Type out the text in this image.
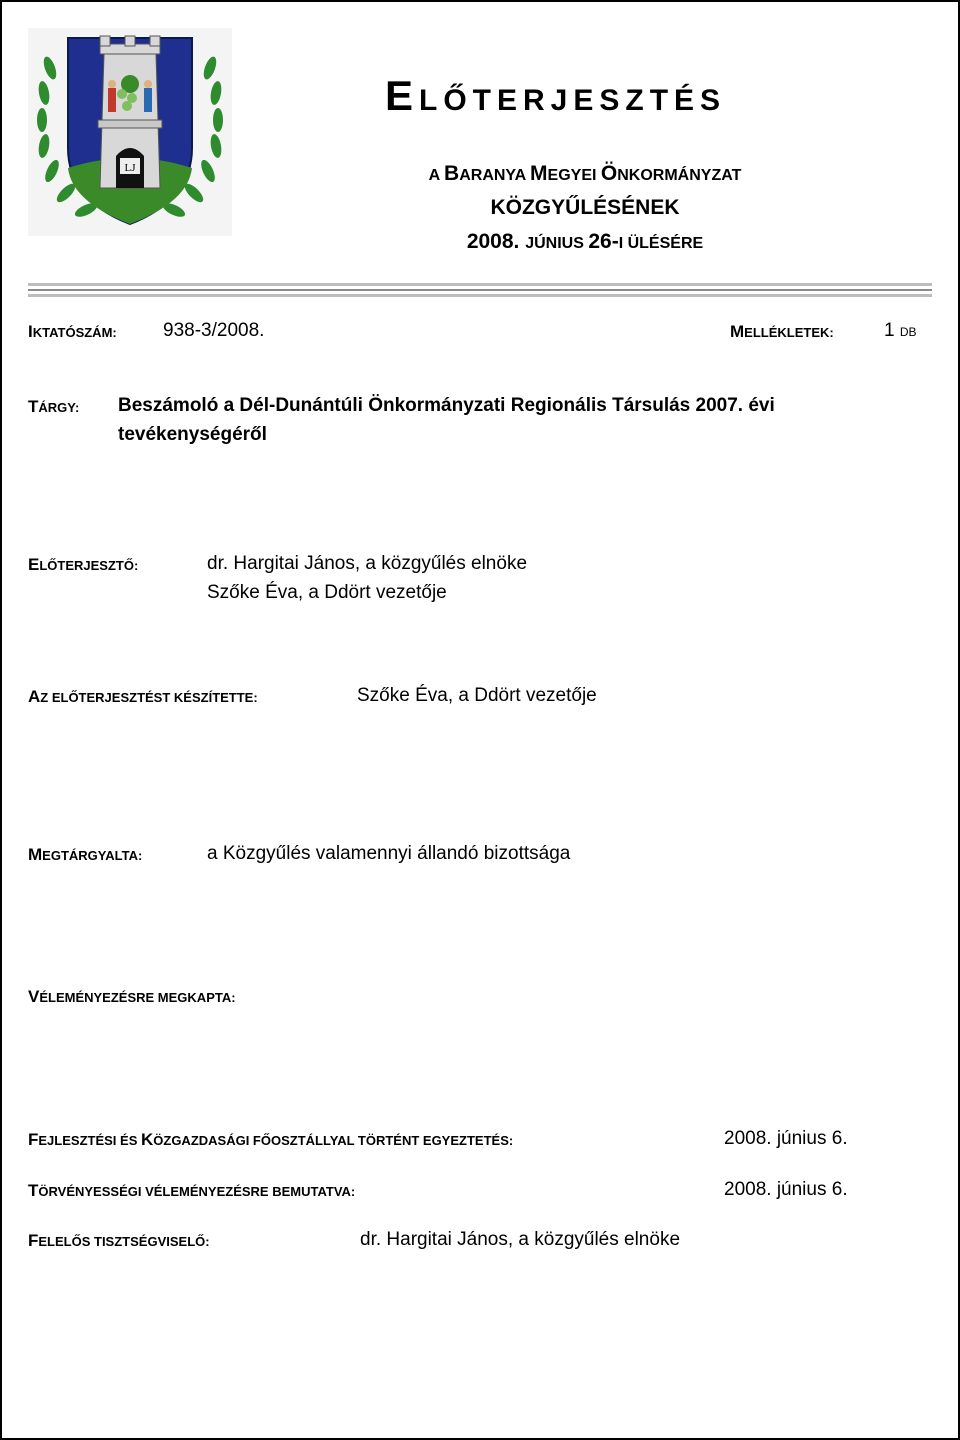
LJ
ELŐTERJESZTÉS
A BARANYA MEGYEI ÖNKORMÁNYZAT
KÖZGYŰLÉSÉNEK
2008. JÚNIUS 26-I ÜLÉSÉRE
IKTATÓSZÁM: 938-3/2008.	MELLÉKLETEK:	1 DB
TÁRGY: Beszámoló a Dél-Dunántúli Önkormányzati Regionális Társulás 2007. évi
tevékenységéről
ELŐTERJESZTŐ:	dr. Hargitai János, a közgyűlés elnöke
Szőke Éva, a Ddört vezetője
AZ ELŐTERJESZTÉST KÉSZÍTETTE:	Szőke Éva, a Ddört vezetője
MEGTÁRGYALTA:	a Közgyűlés valamennyi állandó bizottsága
VÉLEMÉNYEZÉSRE MEGKAPTA:
FEJLESZTÉSI ÉS KÖZGAZDASÁGI FŐOSZTÁLLYAL TÖRTÉNT EGYEZTETÉS:	2008. június 6.
TÖRVÉNYESSÉGI VÉLEMÉNYEZÉSRE BEMUTATVA:	2008. június 6.
FELELŐS TISZTSÉGVISELŐ:	dr. Hargitai János, a közgyűlés elnöke
